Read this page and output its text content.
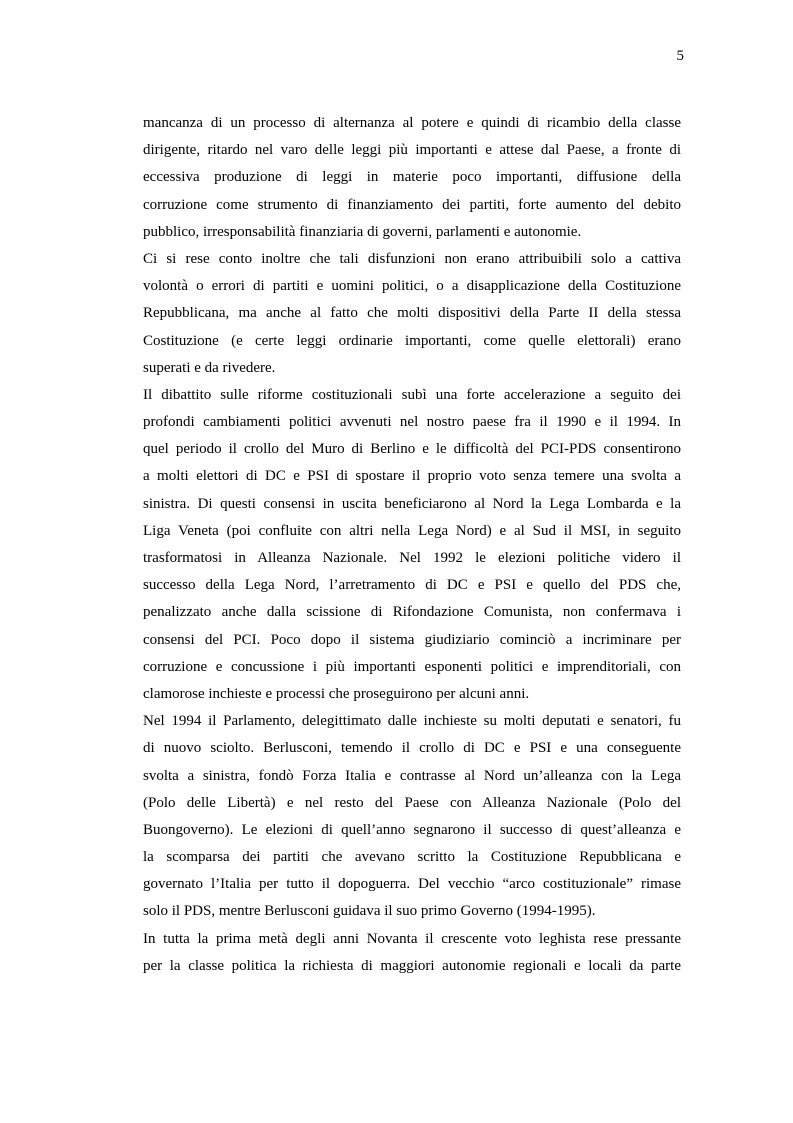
5
mancanza di un processo di alternanza al potere e quindi di ricambio della classe
dirigente, ritardo nel varo delle leggi più importanti e attese dal Paese, a fronte di
eccessiva produzione di leggi in materie poco importanti, diffusione della
corruzione come strumento di finanziamento dei partiti, forte aumento del debito
pubblico, irresponsabilità finanziaria di governi, parlamenti e autonomie.
Ci si rese conto inoltre che tali disfunzioni non erano attribuibili solo a cattiva
volontà o errori di partiti e uomini politici, o a disapplicazione della Costituzione
Repubblicana, ma anche al fatto che molti dispositivi della Parte II della stessa
Costituzione (e certe leggi ordinarie importanti, come quelle elettorali) erano
superati e da rivedere.
Il dibattito sulle riforme costituzionali subì una forte accelerazione a seguito dei
profondi cambiamenti politici avvenuti nel nostro paese fra il 1990 e il 1994. In
quel periodo il crollo del Muro di Berlino e le difficoltà del PCI-PDS consentirono
a molti elettori di DC e PSI di spostare il proprio voto senza temere una svolta a
sinistra. Di questi consensi in uscita beneficiarono al Nord la Lega Lombarda e la
Liga Veneta (poi confluite con altri nella Lega Nord) e al Sud il MSI, in seguito
trasformatosi in Alleanza Nazionale. Nel 1992 le elezioni politiche videro il
successo della Lega Nord, l’arretramento di DC e PSI e quello del PDS che,
penalizzato anche dalla scissione di Rifondazione Comunista, non confermava i
consensi del PCI. Poco dopo il sistema giudiziario cominciò a incriminare per
corruzione e concussione i più importanti esponenti politici e imprenditoriali, con
clamorose inchieste e processi che proseguirono per alcuni anni.
Nel 1994 il Parlamento, delegittimato dalle inchieste su molti deputati e senatori, fu
di nuovo sciolto. Berlusconi, temendo il crollo di DC e PSI e una conseguente
svolta a sinistra, fondò Forza Italia e contrasse al Nord un’alleanza con la Lega
(Polo delle Libertà) e nel resto del Paese con Alleanza Nazionale (Polo del
Buongoverno). Le elezioni di quell’anno segnarono il successo di quest’alleanza e
la scomparsa dei partiti che avevano scritto la Costituzione Repubblicana e
governato l’Italia per tutto il dopoguerra. Del vecchio “arco costituzionale” rimase
solo il PDS, mentre Berlusconi guidava il suo primo Governo (1994-1995).
In tutta la prima metà degli anni Novanta il crescente voto leghista rese pressante
per la classe politica la richiesta di maggiori autonomie regionali e locali da parte
